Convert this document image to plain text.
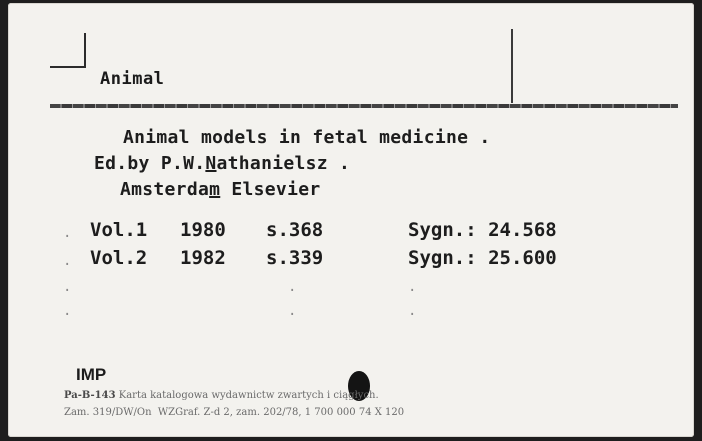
Animal
Animal models in fetal medicine .
Ed.by P.W.Nathanielsz .
Amsterdam Elsevier
Vol.1 1980 s.368	Sygn.: 24.568
Vol.2 1982 s.339	Sygn.: 25.600
.
.
.	.	.
.	.	.
IMP
Pa-B-143 Karta katalogowa wydawnictw zwartych i ciągłych.
Zam. 319/DW/On  WZGraf. Z-d 2, zam. 202/78, 1 700 000 74 X 120
